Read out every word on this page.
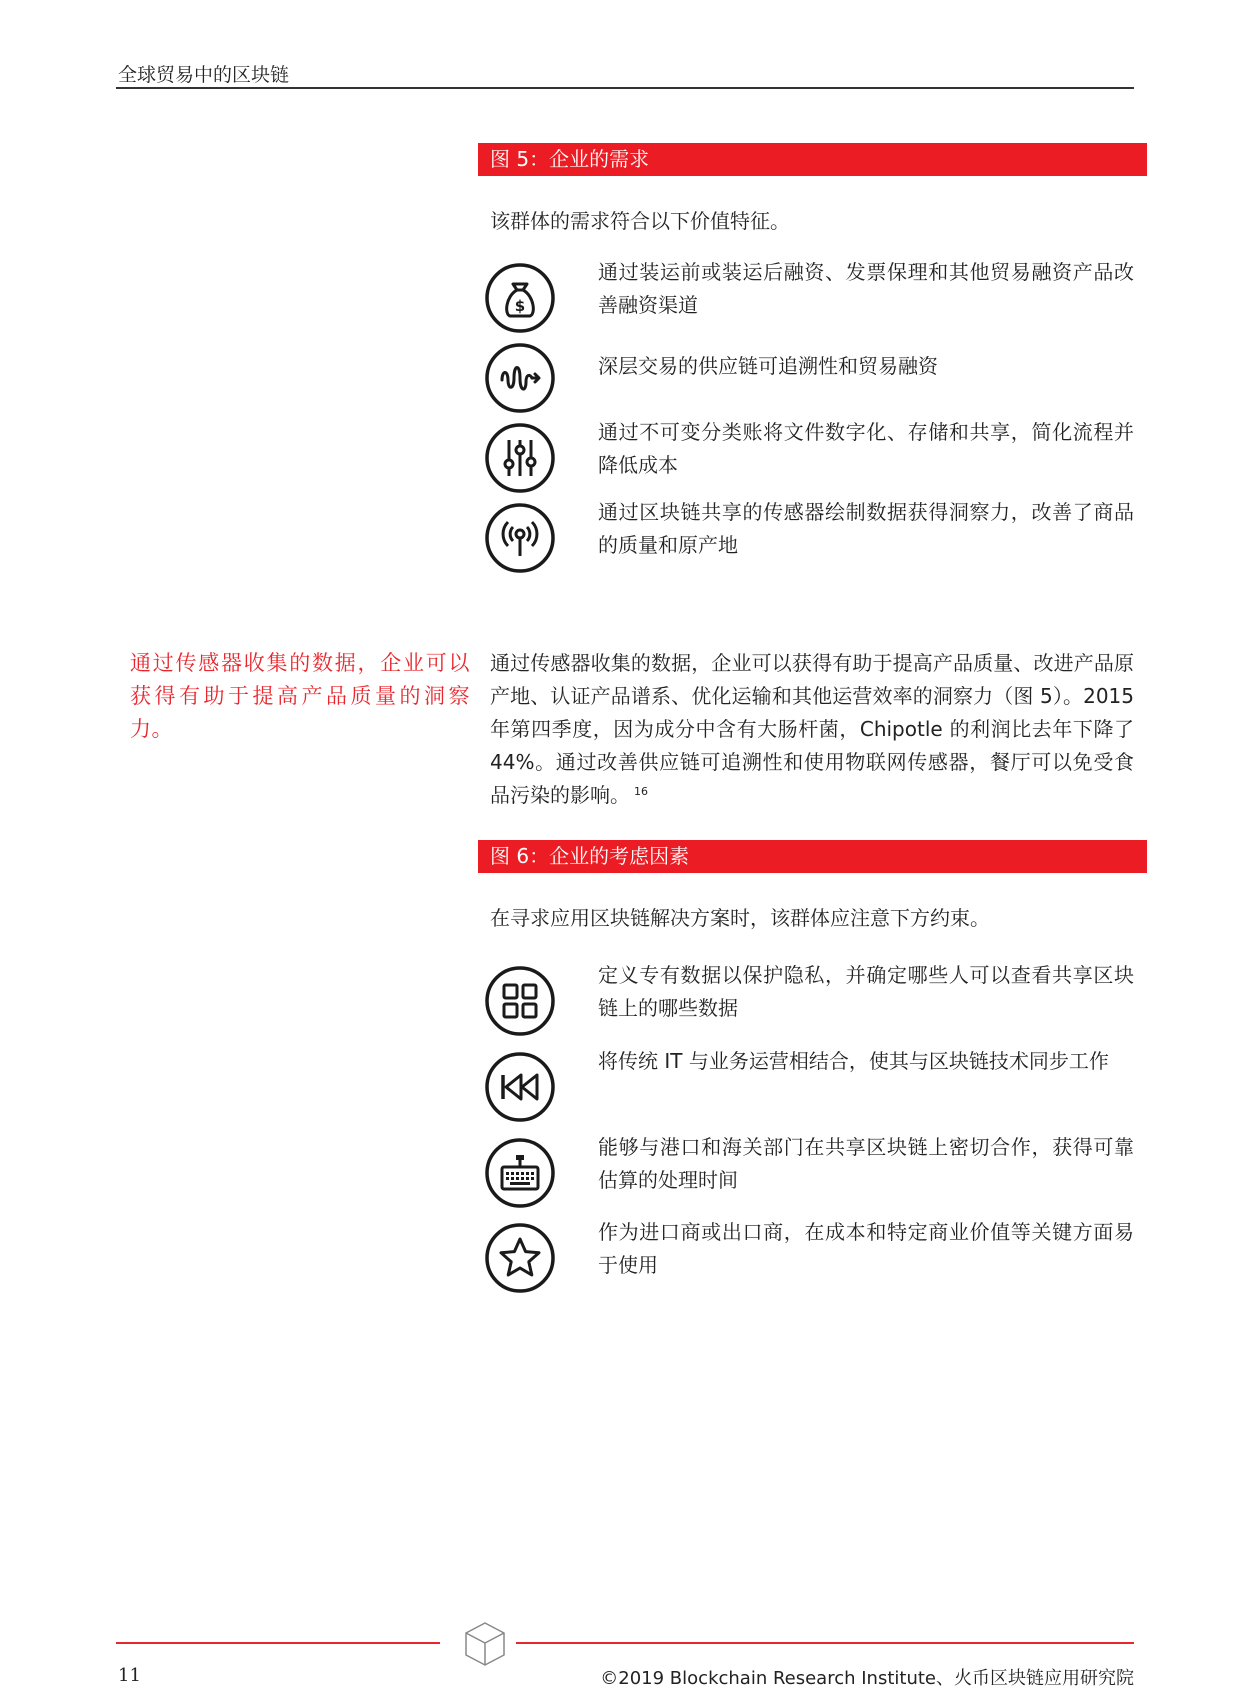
全球贸易中的区块链
图 5：企业的需求
该群体的需求符合以下价值特征。
$
通过装运前或装运后融资、发票保理和其他贸易融资产品改善融资渠道
深层交易的供应链可追溯性和贸易融资
通过不可变分类账将文件数字化、存储和共享，简化流程并降低成本
通过区块链共享的传感器绘制数据获得洞察力，改善了商品的质量和原产地
通过传感器收集的数据，企业可以获得有助于提高产品质量的洞察力。
通过传感器收集的数据，企业可以获得有助于提高产品质量、改进产品原产地、认证产品谱系、优化运输和其他运营效率的洞察力（图 5）。2015 年第四季度，因为成分中含有大肠杆菌，Chipotle 的利润比去年下降了 44%。通过改善供应链可追溯性和使用物联网传感器，餐厅可以免受食品污染的影响。 $^{16}$
图 6：企业的考虑因素
在寻求应用区块链解决方案时，该群体应注意下方约束。
定义专有数据以保护隐私，并确定哪些人可以查看共享区块链上的哪些数据
将传统 IT 与业务运营相结合，使其与区块链技术同步工作
能够与港口和海关部门在共享区块链上密切合作，获得可靠估算的处理时间
作为进口商或出口商，在成本和特定商业价值等关键方面易于使用
11	©2019 Blockchain Research Institute、火币区块链应用研究院
